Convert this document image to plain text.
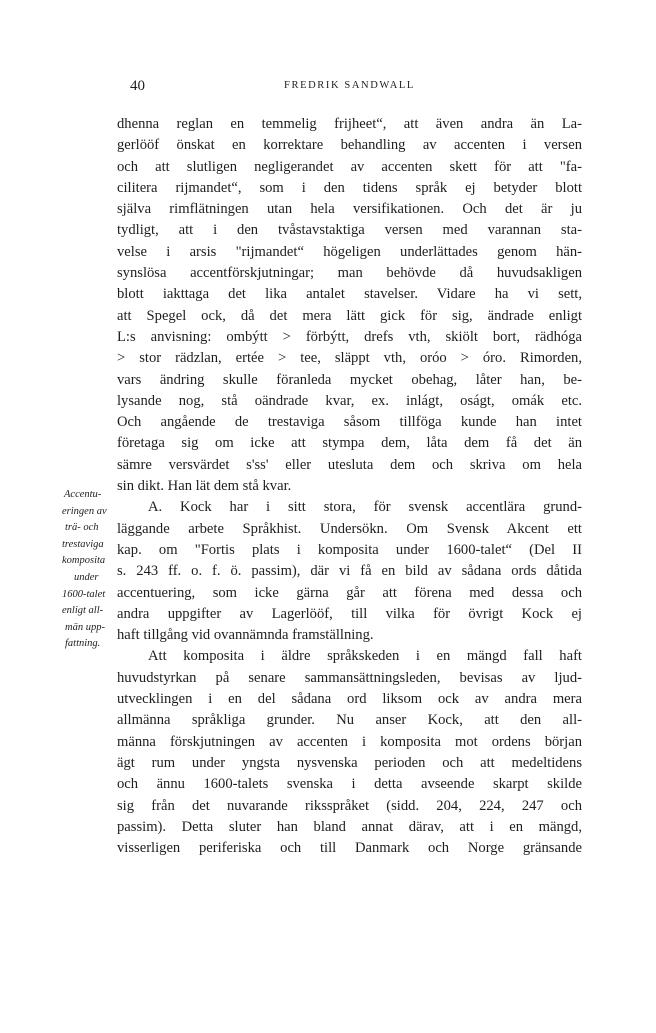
40	FREDRIK SANDWALL
Accentu-
eringen av
trä- och
trestaviga
komposita
under
1600-talet
enligt all-
män upp-
fattning.
dhenna reglan en temmelig frijheet“, att även andra än La-
gerlööf önskat en korrektare behandling av accenten i versen
och att slutligen negligerandet av accenten skett för att "fa-
cilitera rijmandet“, som i den tidens språk ej betyder blott
själva rimflätningen utan hela versifikationen. Och det är ju
tydligt, att i den tvåstavstaktiga versen med varannan sta-
velse i arsis "rijmandet“ högeligen underlättades genom hän-
synslösa accentförskjutningar; man behövde då huvudsakligen
blott iakttaga det lika antalet stavelser. Vidare ha vi sett,
att Spegel ock, då det mera lätt gick för sig, ändrade enligt
L:s anvisning: ombýtt > förbýtt, drefs vth, skiölt bort, rädhóga
> stor rädzlan, ertée > tee, släppt vth, oróo > óro. Rimorden,
vars ändring skulle föranleda mycket obehag, låter han, be-
lysande nog, stå oändrade kvar, ex. inlágt, oságt, omák etc.
Och angående de trestaviga såsom tillföga kunde han intet
företaga sig om icke att stympa dem, låta dem få det än
sämre versvärdet s'ss' eller utesluta dem och skriva om hela
sin dikt. Han lät dem stå kvar.
A. Kock har i sitt stora, för svensk accentlära grund-
läggande arbete Språkhist. Undersökn. Om Svensk Akcent ett
kap. om "Fortis plats i komposita under 1600-talet“ (Del II
s. 243 ff. o. f. ö. passim), där vi få en bild av sådana ords dåtida
accentuering, som icke gärna går att förena med dessa och
andra uppgifter av Lagerlööf, till vilka för övrigt Kock ej
haft tillgång vid ovannämnda framställning.
Att komposita i äldre språkskeden i en mängd fall haft
huvudstyrkan på senare sammansättningsleden, bevisas av ljud-
utvecklingen i en del sådana ord liksom ock av andra mera
allmänna språkliga grunder. Nu anser Kock, att den all-
männa förskjutningen av accenten i komposita mot ordens början
ägt rum under yngsta nysvenska perioden och att medeltidens
och ännu 1600-talets svenska i detta avseende skarpt skilde
sig från det nuvarande riksspråket (sidd. 204, 224, 247 och
passim). Detta sluter han bland annat därav, att i en mängd,
visserligen periferiska och till Danmark och Norge gränsande
